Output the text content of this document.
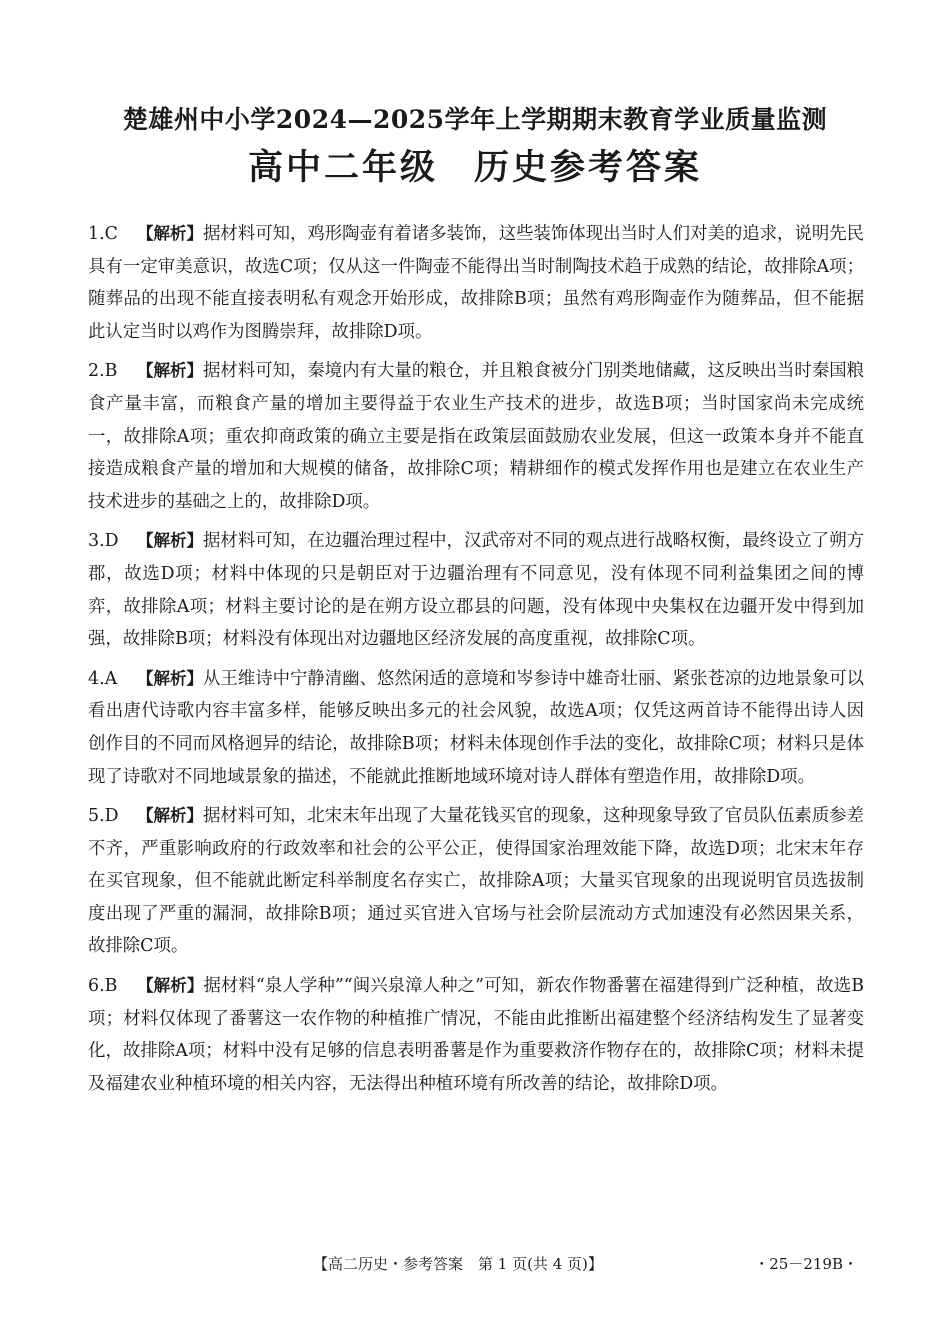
楚雄州中小学2024—2025学年上学期期末教育学业质量监测
高中二年级 历史参考答案
1.C 【解析】据材料可知，鸡形陶壶有着诸多装饰，这些装饰体现出当时人们对美的追求，说明先民具有一定审美意识，故选C项；仅从这一件陶壶不能得出当时制陶技术趋于成熟的结论，故排除A项；随葬品的出现不能直接表明私有观念开始形成，故排除B项；虽然有鸡形陶壶作为随葬品，但不能据此认定当时以鸡作为图腾崇拜，故排除D项。
2.B 【解析】据材料可知，秦境内有大量的粮仓，并且粮食被分门别类地储藏，这反映出当时秦国粮食产量丰富，而粮食产量的增加主要得益于农业生产技术的进步，故选B项；当时国家尚未完成统一，故排除A项；重农抑商政策的确立主要是指在政策层面鼓励农业发展，但这一政策本身并不能直接造成粮食产量的增加和大规模的储备，故排除C项；精耕细作的模式发挥作用也是建立在农业生产技术进步的基础之上的，故排除D项。
3.D 【解析】据材料可知，在边疆治理过程中，汉武帝对不同的观点进行战略权衡，最终设立了朔方郡，故选D项；材料中体现的只是朝臣对于边疆治理有不同意见，没有体现不同利益集团之间的博弈，故排除A项；材料主要讨论的是在朔方设立郡县的问题，没有体现中央集权在边疆开发中得到加强，故排除B项；材料没有体现出对边疆地区经济发展的高度重视，故排除C项。
4.A 【解析】从王维诗中宁静清幽、悠然闲适的意境和岑参诗中雄奇壮丽、紧张苍凉的边地景象可以看出唐代诗歌内容丰富多样，能够反映出多元的社会风貌，故选A项；仅凭这两首诗不能得出诗人因创作目的不同而风格迥异的结论，故排除B项；材料未体现创作手法的变化，故排除C项；材料只是体现了诗歌对不同地域景象的描述，不能就此推断地域环境对诗人群体有塑造作用，故排除D项。
5.D 【解析】据材料可知，北宋末年出现了大量花钱买官的现象，这种现象导致了官员队伍素质参差不齐，严重影响政府的行政效率和社会的公平公正，使得国家治理效能下降，故选D项；北宋末年存在买官现象，但不能就此断定科举制度名存实亡，故排除A项；大量买官现象的出现说明官员选拔制度出现了严重的漏洞，故排除B项；通过买官进入官场与社会阶层流动方式加速没有必然因果关系，故排除C项。
6.B 【解析】据材料“泉人学种”“闽兴泉漳人种之”可知，新农作物番薯在福建得到广泛种植，故选B项；材料仅体现了番薯这一农作物的种植推广情况，不能由此推断出福建整个经济结构发生了显著变化，故排除A项；材料中没有足够的信息表明番薯是作为重要救济作物存在的，故排除C项；材料未提及福建农业种植环境的相关内容，无法得出种植环境有所改善的结论，故排除D项。
【高二历史・参考答案　第 1 页(共 4 页)】	・25－219B・
